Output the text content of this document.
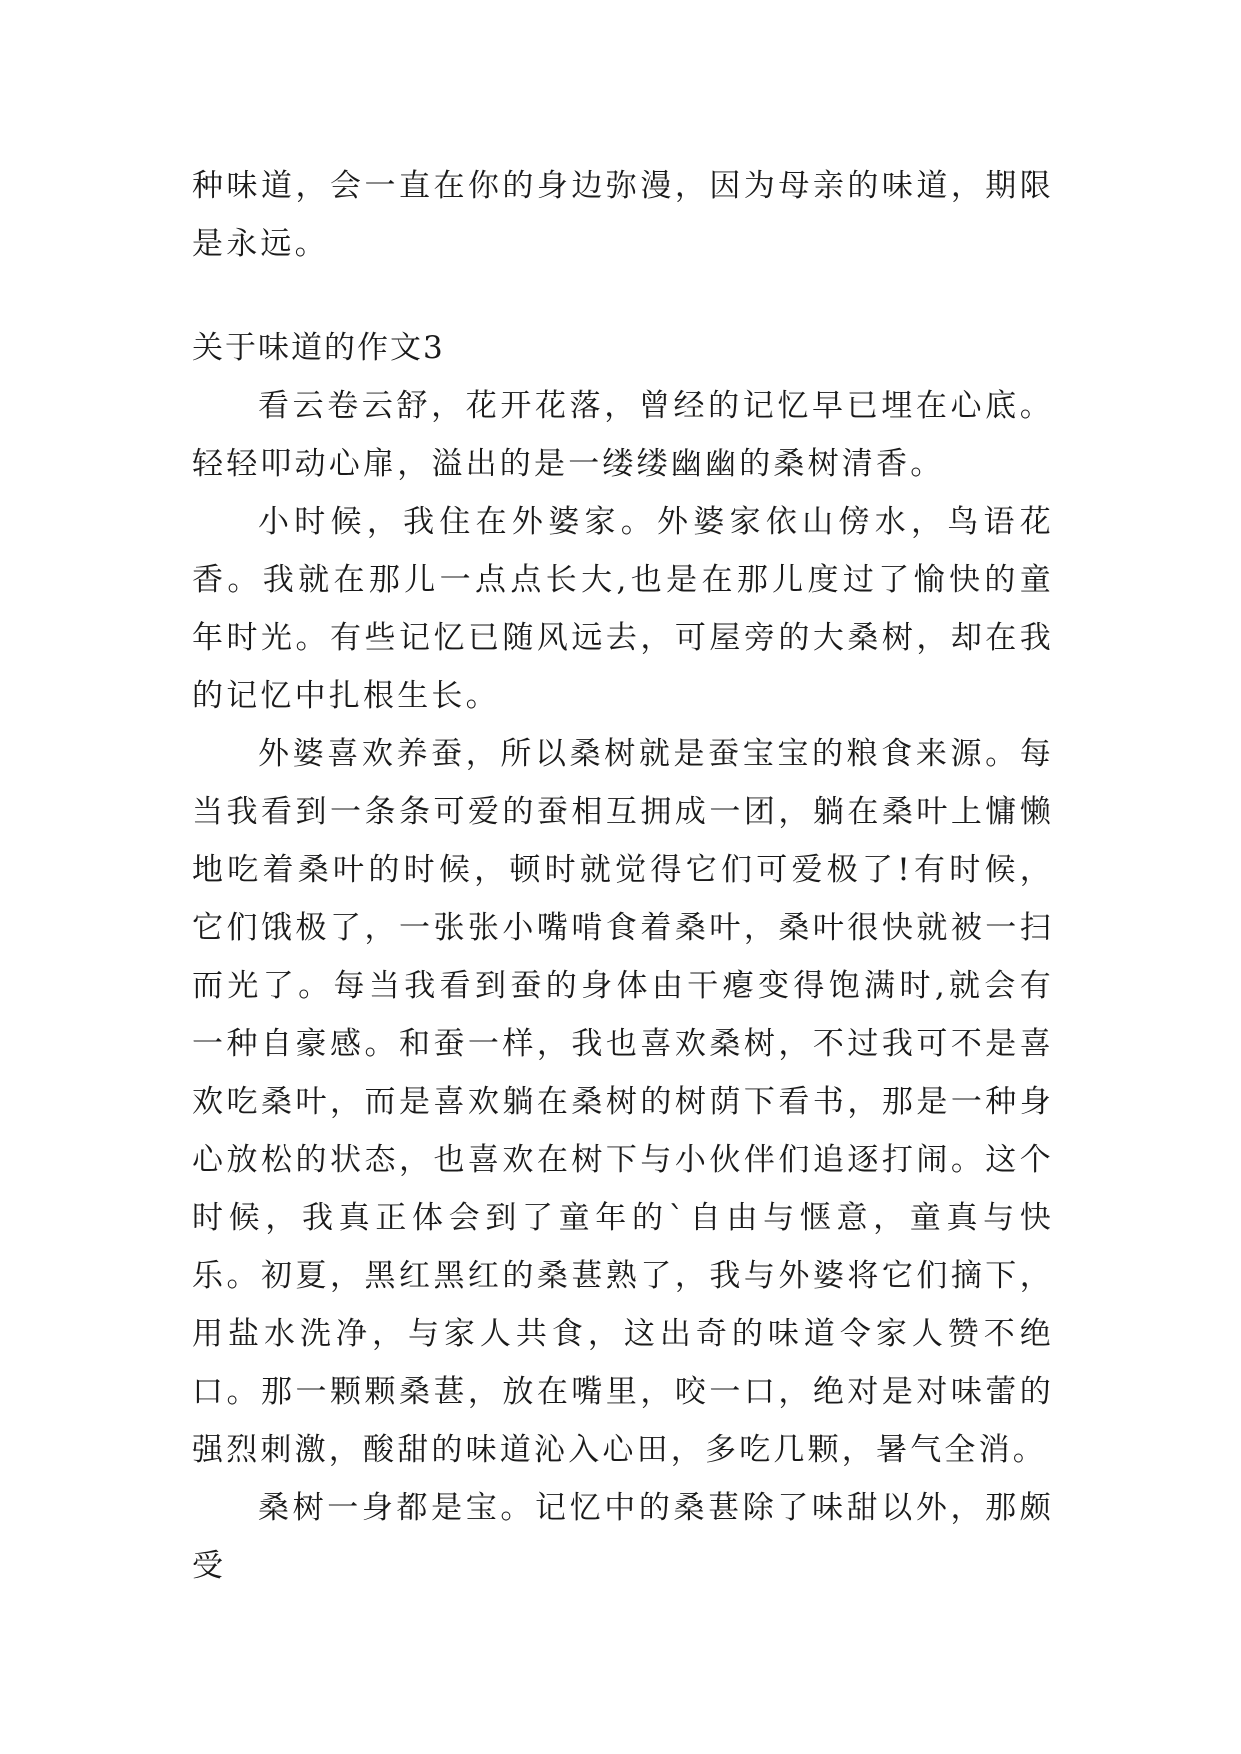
种味道，会一直在你的身边弥漫，因为母亲的味道，期限是永远。

关于味道的作文3

看云卷云舒，花开花落，曾经的记忆早已埋在心底。轻轻叩动心扉，溢出的是一缕缕幽幽的桑树清香。

小时候，我住在外婆家。外婆家依山傍水，鸟语花香。我就在那儿一点点长大,也是在那儿度过了愉快的童年时光。有些记忆已随风远去，可屋旁的大桑树，却在我的记忆中扎根生长。

外婆喜欢养蚕，所以桑树就是蚕宝宝的粮食来源。每当我看到一条条可爱的蚕相互拥成一团，躺在桑叶上慵懒地吃着桑叶的时候，顿时就觉得它们可爱极了!有时候，它们饿极了，一张张小嘴啃食着桑叶，桑叶很快就被一扫而光了。每当我看到蚕的身体由干瘪变得饱满时,就会有一种自豪感。和蚕一样，我也喜欢桑树，不过我可不是喜欢吃桑叶，而是喜欢躺在桑树的树荫下看书，那是一种身心放松的状态，也喜欢在树下与小伙伴们追逐打闹。这个时候，我真正体会到了童年的`自由与惬意，童真与快乐。初夏，黑红黑红的桑葚熟了，我与外婆将它们摘下，用盐水洗净，与家人共食，这出奇的味道令家人赞不绝口。那一颗颗桑葚，放在嘴里，咬一口，绝对是对味蕾的强烈刺激，酸甜的味道沁入心田，多吃几颗，暑气全消。

桑树一身都是宝。记忆中的桑葚除了味甜以外，那颇受
